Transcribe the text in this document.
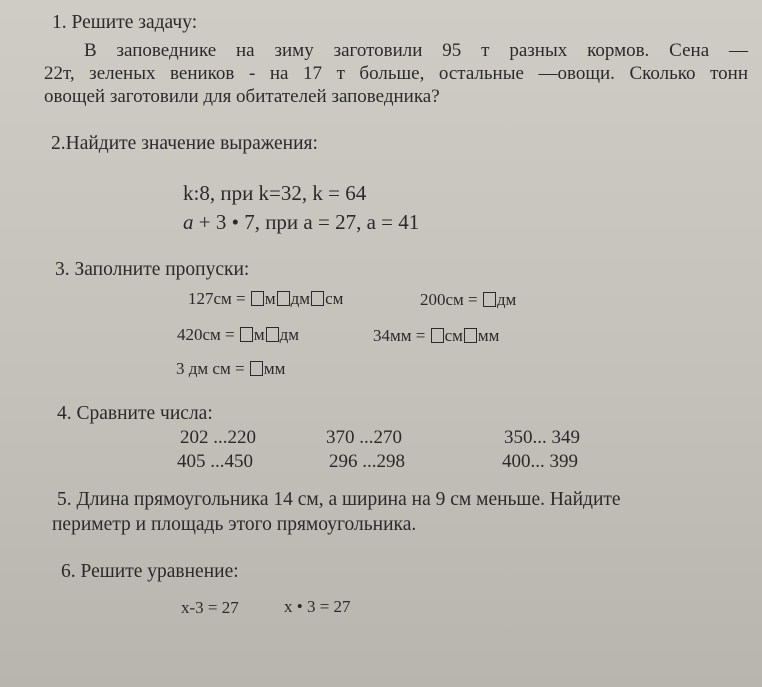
1. Решите задачу:
В заповеднике на зиму заготовили 95 т разных кормов. Сена —
22т, зеленых веников - на 17 т больше, остальные —овощи. Сколько тонн
овощей заготовили для обитателей заповедника?
2.Найдите значение выражения:
k:8, при k=32, k = 64
a + 3 • 7, при а = 27, а = 41
3. Заполните пропуски:
127см = м дм см	200см = дм
420см = м дм	34мм = см мм
3 дм см = мм
4. Сравните числа:
202 ...220	370 ...270	350... 349
405 ...450	296 ...298	400... 399
5. Длина прямоугольника 14 см, а ширина на 9 см меньше. Найдите
периметр и площадь этого прямоугольника.
6. Решите уравнение:
х-3 = 27	х • 3 = 27
